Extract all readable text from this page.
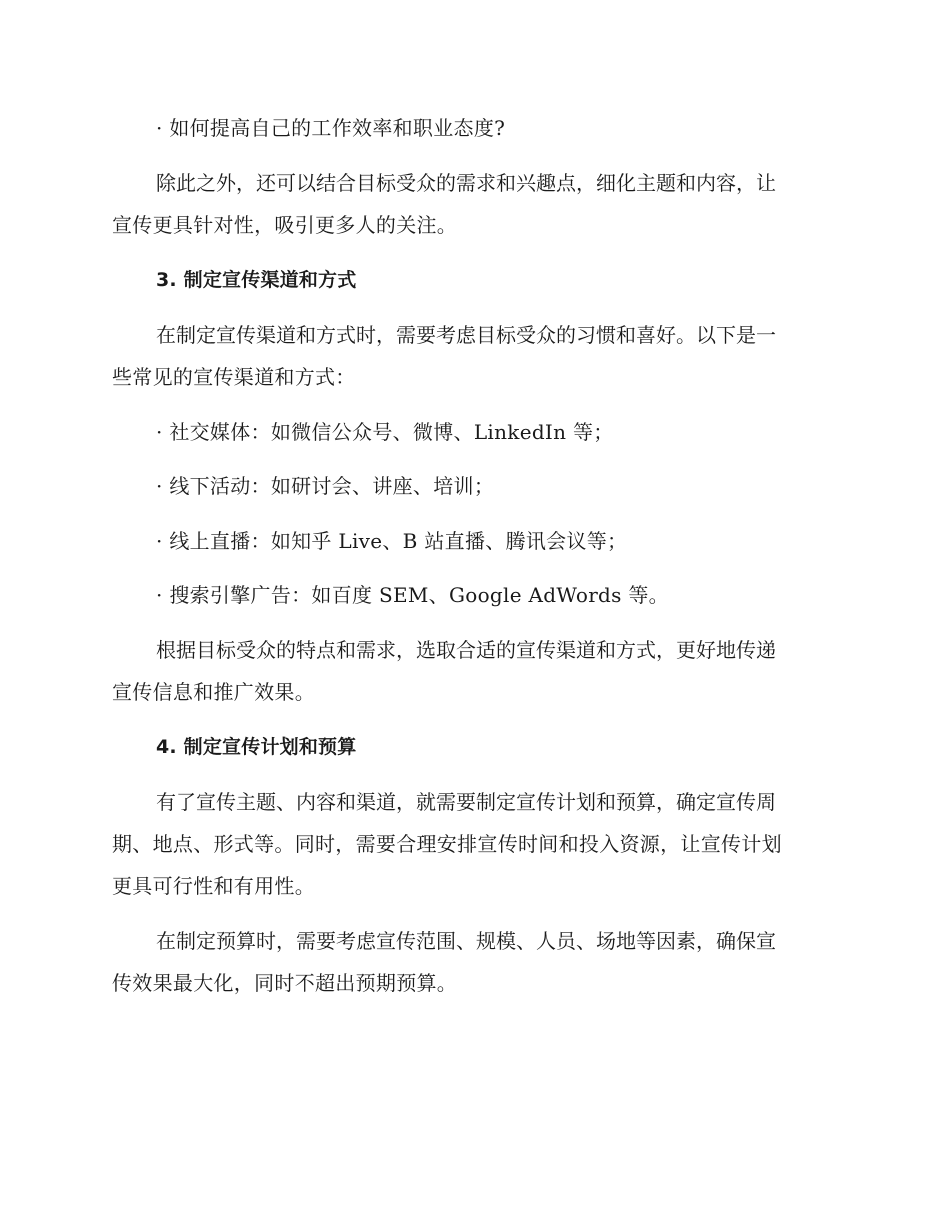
· 如何提高自己的工作效率和职业态度?

除此之外，还可以结合目标受众的需求和兴趣点，细化主题和内容，让

宣传更具针对性，吸引更多人的关注。

3. 制定宣传渠道和方式

在制定宣传渠道和方式时，需要考虑目标受众的习惯和喜好。以下是一

些常见的宣传渠道和方式：

· 社交媒体：如微信公众号、微博、LinkedIn 等；

· 线下活动：如研讨会、讲座、培训；

· 线上直播：如知乎 Live、B 站直播、腾讯会议等；

· 搜索引擎广告：如百度 SEM、Google AdWords 等。

根据目标受众的特点和需求，选取合适的宣传渠道和方式，更好地传递

宣传信息和推广效果。

4. 制定宣传计划和预算

有了宣传主题、内容和渠道，就需要制定宣传计划和预算，确定宣传周

期、地点、形式等。同时，需要合理安排宣传时间和投入资源，让宣传计划

更具可行性和有用性。

在制定预算时，需要考虑宣传范围、规模、人员、场地等因素，确保宣

传效果最大化，同时不超出预期预算。
